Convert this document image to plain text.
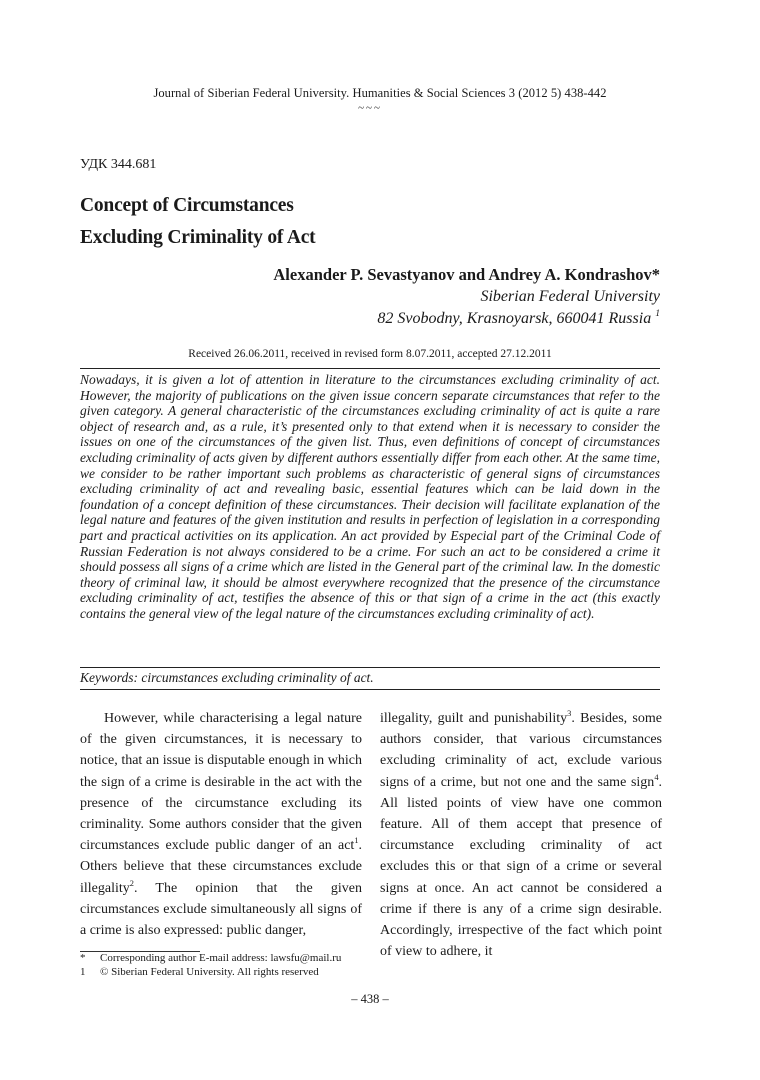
Journal of Siberian Federal University. Humanities & Social Sciences 3 (2012 5) 438-442
~~~
УДК 344.681
Concept of Circumstances
Excluding Criminality of Act
Alexander P. Sevastyanov and Andrey A. Kondrashov*
Siberian Federal University
82 Svobodny, Krasnoyarsk, 660041 Russia $^1$
Received 26.06.2011, received in revised form 8.07.2011, accepted 27.12.2011
Nowadays, it is given a lot of attention in literature to the circumstances excluding criminality of act. However, the majority of publications on the given issue concern separate circumstances that refer to the given category. A general characteristic of the circumstances excluding criminality of act is quite a rare object of research and, as a rule, it’s presented only to that extend when it is necessary to consider the issues on one of the circumstances of the given list. Thus, even definitions of concept of circumstances excluding criminality of acts given by different authors essentially differ from each other. At the same time, we consider to be rather important such problems as characteristic of general signs of circumstances excluding criminality of act and revealing basic, essential features which can be laid down in the foundation of a concept definition of these circumstances. Their decision will facilitate explanation of the legal nature and features of the given institution and results in perfection of legislation in a corresponding part and practical activities on its application. An act provided by Especial part of the Criminal Code of Russian Federation is not always considered to be a crime. For such an act to be considered a crime it should possess all signs of a crime which are listed in the General part of the criminal law. In the domestic theory of criminal law, it should be almost everywhere recognized that the presence of the circumstance excluding criminality of act, testifies the absence of this or that sign of a crime in the act (this exactly contains the general view of the legal nature of the circumstances excluding criminality of act).
Keywords: circumstances excluding criminality of act.

However, while characterising a legal nature of the given circumstances, it is necessary to notice, that an issue is disputable enough in which the sign of a crime is desirable in the act with the presence of the circumstance excluding its criminality. Some authors consider that the given circumstances exclude public danger of an act$^1$. Others believe that these circumstances exclude illegality$^2$. The opinion that the given circumstances exclude simultaneously all signs of a crime is also expressed: public danger,

illegality, guilt and punishability$^3$. Besides, some authors consider, that various circumstances excluding criminality of act, exclude various signs of a crime, but not one and the same sign$^4$. All listed points of view have one common feature. All of them accept that presence of circumstance excluding criminality of act excludes this or that sign of a crime or several signs at once. An act cannot be considered a crime if there is any of a crime sign desirable. Accordingly, irrespective of the fact which point of view to adhere, it

* Corresponding author E-mail address: lawsfu@mail.ru
1 © Siberian Federal University. All rights reserved
– 438 –
